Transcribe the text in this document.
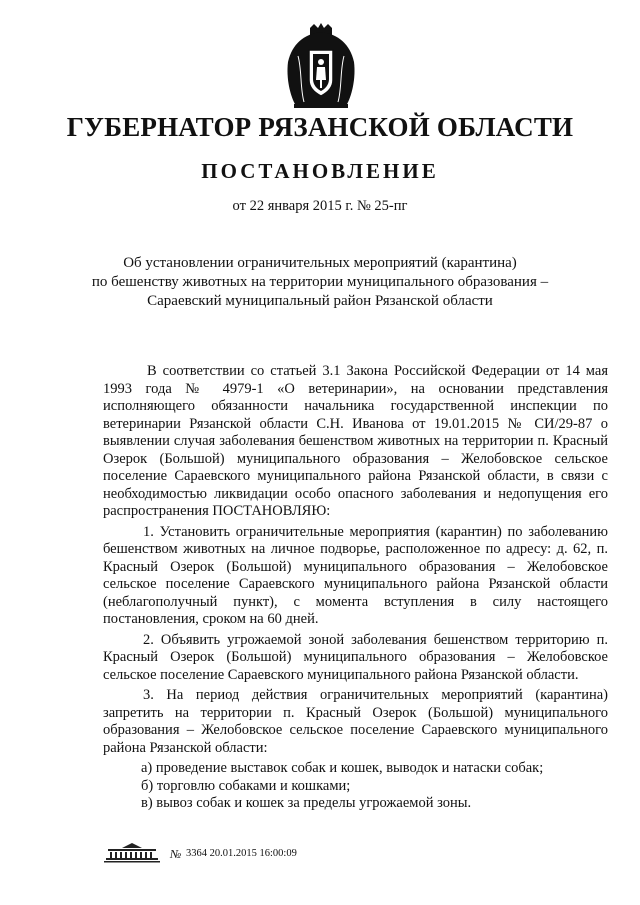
ГУБЕРНАТОР РЯЗАНСКОЙ ОБЛАСТИ
ПОСТАНОВЛЕНИЕ
от 22 января 2015 г. № 25-пг
Об установлении ограничительных мероприятий (карантина)
по бешенству животных на территории муниципального образования –
Сараевский муниципальный район Рязанской области

В соответствии со статьей 3.1 Закона Российской Федерации от 14 мая 1993 года № 4979-1 «О ветеринарии», на основании представления исполняющего обязанности начальника государственной инспекции по ветеринарии Рязанской области С.Н. Иванова от 19.01.2015 № СИ/29-87 о выявлении случая заболевания бешенством животных на территории п. Красный Озерок (Большой) муниципального образования – Желобовское сельское поселение Сараевского муниципального района Рязанской области, в связи с необходимостью ликвидации особо опасного заболевания и недопущения его распространения ПОСТАНОВЛЯЮ:

1. Установить ограничительные мероприятия (карантин) по заболеванию бешенством животных на личное подворье, расположенное по адресу: д. 62, п. Красный Озерок (Большой) муниципального образования – Желобовское сельское поселение Сараевского муниципального района Рязанской области (неблагополучный пункт), с момента вступления в силу настоящего постановления, сроком на 60 дней.

2. Объявить угрожаемой зоной заболевания бешенством территорию п. Красный Озерок (Большой) муниципального образования – Желобовское сельское поселение Сараевского муниципального района Рязанской области.

3. На период действия ограничительных мероприятий (карантина) запретить на территории п. Красный Озерок (Большой) муниципального образования – Желобовское сельское поселение Сараевского муниципального района Рязанской области:

а) проведение выставок собак и кошек, выводок и натаски собак;

б) торговлю собаками и кошками;

в) вывоз собак и кошек за пределы угрожаемой зоны.

№ 3364 20.01.2015 16:00:09
